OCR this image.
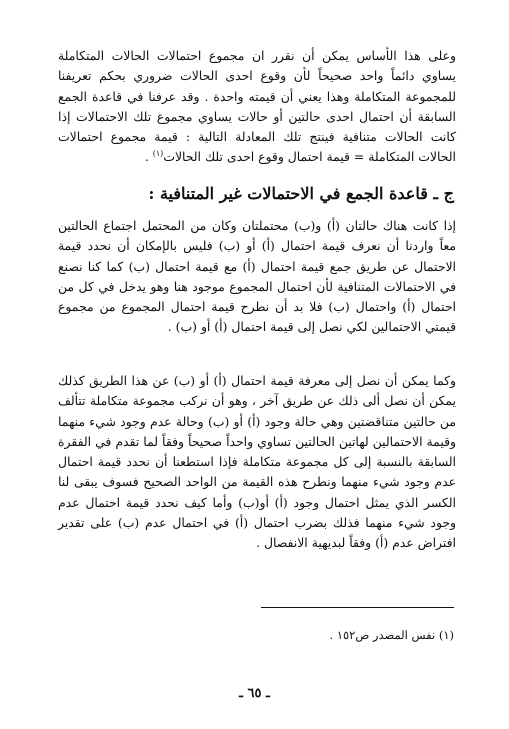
وعلى هذا الأساس يمكن أن نقرر ان مجموع احتمالات الحالات المتكاملة يساوي دائماً واحد صحيحاً لأن وقوع احدى الحالات ضروري بحكم تعريفنا للمجموعة المتكاملة وهذا يعني أن قيمته واحدة . وقد عرفنا في قاعدة الجمع السابقة أن احتمال احدى حالتين أو حالات يساوي مجموع تلك الاحتمالات إذا كانت الحالات متنافية فينتج تلك المعادلة التالية : قيمة مجموع احتمالات الحالات المتكاملة = قيمة احتمال وقوع احدى تلك الحالات$^{(١)}$ .

ج ـ قاعدة الجمع في الاحتمالات غير المتنافية :

إذا كانت هناك حالتان (أ) و(ب) محتملتان وكان من المحتمل اجتماع الحالتين معاً واردنا أن نعرف قيمة احتمال (أ) أو (ب) فليس بالإمكان أن نحدد قيمة الاحتمال عن طريق جمع قيمة احتمال (أ) مع قيمة احتمال (ب) كما كنا نصنع في الاحتمالات المتنافية لأن احتمال المجموع موجود هنا وهو يدخل في كل من احتمال (أ) واحتمال (ب) فلا بد أن نطرح قيمة احتمال المجموع من مجموع قيمتي الاحتمالين لكي نصل إلى قيمة احتمال (أ) أو (ب) .

وكما يمكن أن نصل إلى معرفة قيمة احتمال (أ) أو (ب) عن هذا الطريق كذلك يمكن أن نصل ألى ذلك عن طريق آخر ، وهو أن نركب مجموعة متكاملة تتألف من حالتين متناقضتين وهي حالة وجود (أ) أو (ب) وحالة عدم وجود شيء منهما وقيمة الاحتمالين لهاتين الحالتين تساوي واحداً صحيحاً وفقاً لما تقدم في الفقرة السابقة بالنسبة إلى كل مجموعة متكاملة فإذا استطعنا أن نحدد قيمة احتمال عدم وجود شيء منهما ونطرح هذه القيمة من الواحد الصحيح فسوف يبقى لنا الكسر الذي يمثل احتمال وجود (أ) أو(ب) وأما كيف نحدد قيمة احتمال عدم وجود شيء منهما فذلك بضرب احتمال (أ) في احتمال عدم (ب) على تقدير افتراض عدم (أ) وفقاً لبديهية الانفصال .

(١) نفس المصدر ص١٥٢ .
ـ ٦٥ ـ
